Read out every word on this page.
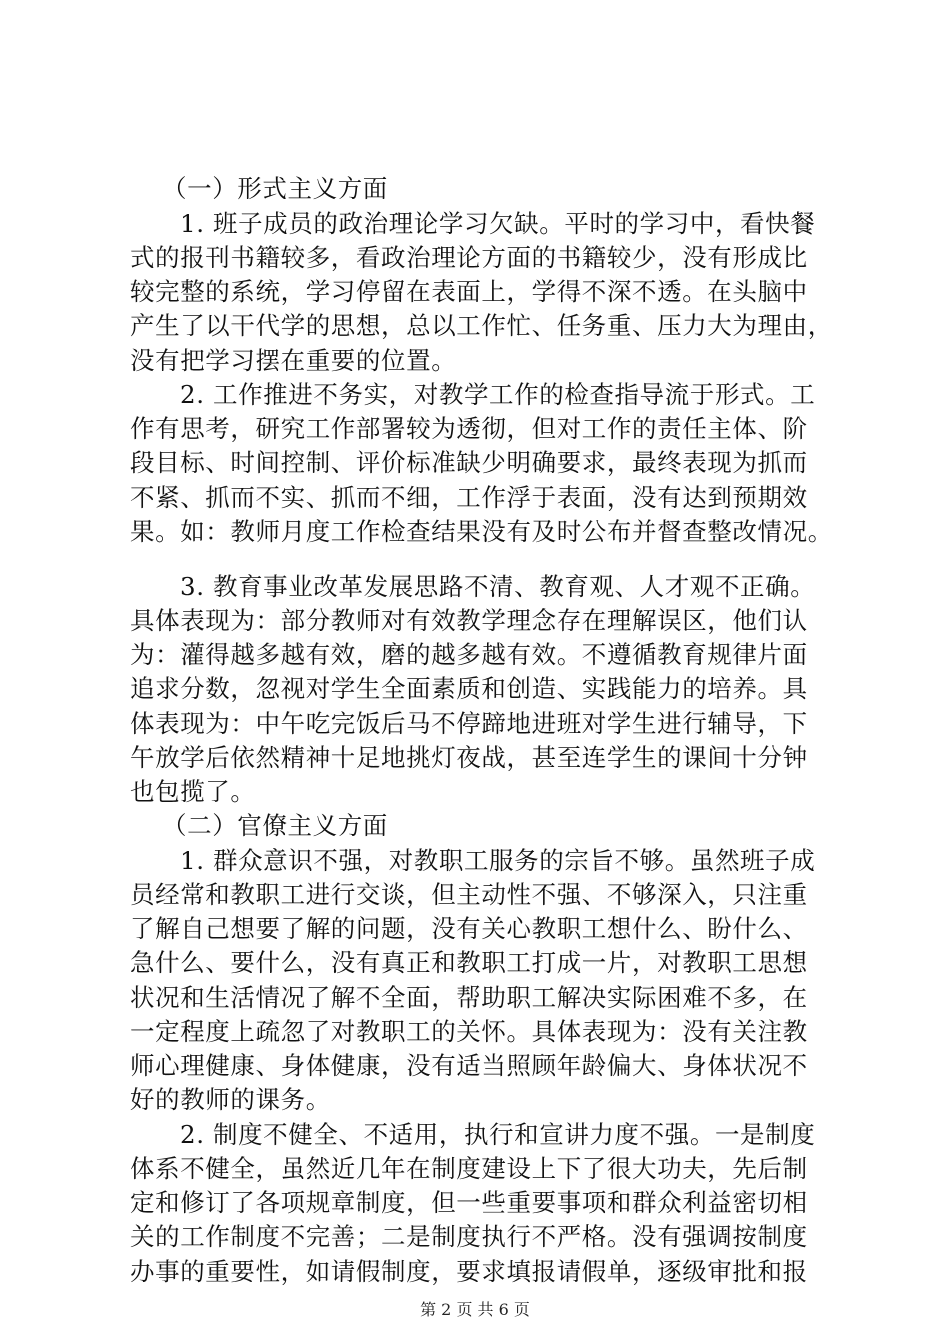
（一）形式主义方面
1. 班子成员的政治理论学习欠缺。平时的学习中，看快餐
式的报刊书籍较多，看政治理论方面的书籍较少，没有形成比
较完整的系统，学习停留在表面上，学得不深不透。在头脑中
产生了以干代学的思想，总以工作忙、任务重、压力大为理由，
没有把学习摆在重要的位置。
2. 工作推进不务实，对教学工作的检查指导流于形式。工
作有思考，研究工作部署较为透彻，但对工作的责任主体、阶
段目标、时间控制、评价标准缺少明确要求，最终表现为抓而
不紧、抓而不实、抓而不细，工作浮于表面，没有达到预期效
果。如：教师月度工作检查结果没有及时公布并督查整改情况。
3. 教育事业改革发展思路不清、教育观、人才观不正确。
具体表现为：部分教师对有效教学理念存在理解误区，他们认
为：灌得越多越有效，磨的越多越有效。不遵循教育规律片面
追求分数，忽视对学生全面素质和创造、实践能力的培养。具
体表现为：中午吃完饭后马不停蹄地进班对学生进行辅导，下
午放学后依然精神十足地挑灯夜战，甚至连学生的课间十分钟
也包揽了。
（二）官僚主义方面
1. 群众意识不强，对教职工服务的宗旨不够。虽然班子成
员经常和教职工进行交谈，但主动性不强、不够深入，只注重
了解自己想要了解的问题，没有关心教职工想什么、盼什么、
急什么、要什么，没有真正和教职工打成一片，对教职工思想
状况和生活情况了解不全面，帮助职工解决实际困难不多，在
一定程度上疏忽了对教职工的关怀。具体表现为：没有关注教
师心理健康、身体健康，没有适当照顾年龄偏大、身体状况不
好的教师的课务。
2. 制度不健全、不适用，执行和宣讲力度不强。一是制度
体系不健全，虽然近几年在制度建设上下了很大功夫，先后制
定和修订了各项规章制度，但一些重要事项和群众利益密切相
关的工作制度不完善；二是制度执行不严格。没有强调按制度
办事的重要性，如请假制度，要求填报请假单，逐级审批和报
第 2 页 共 6 页
